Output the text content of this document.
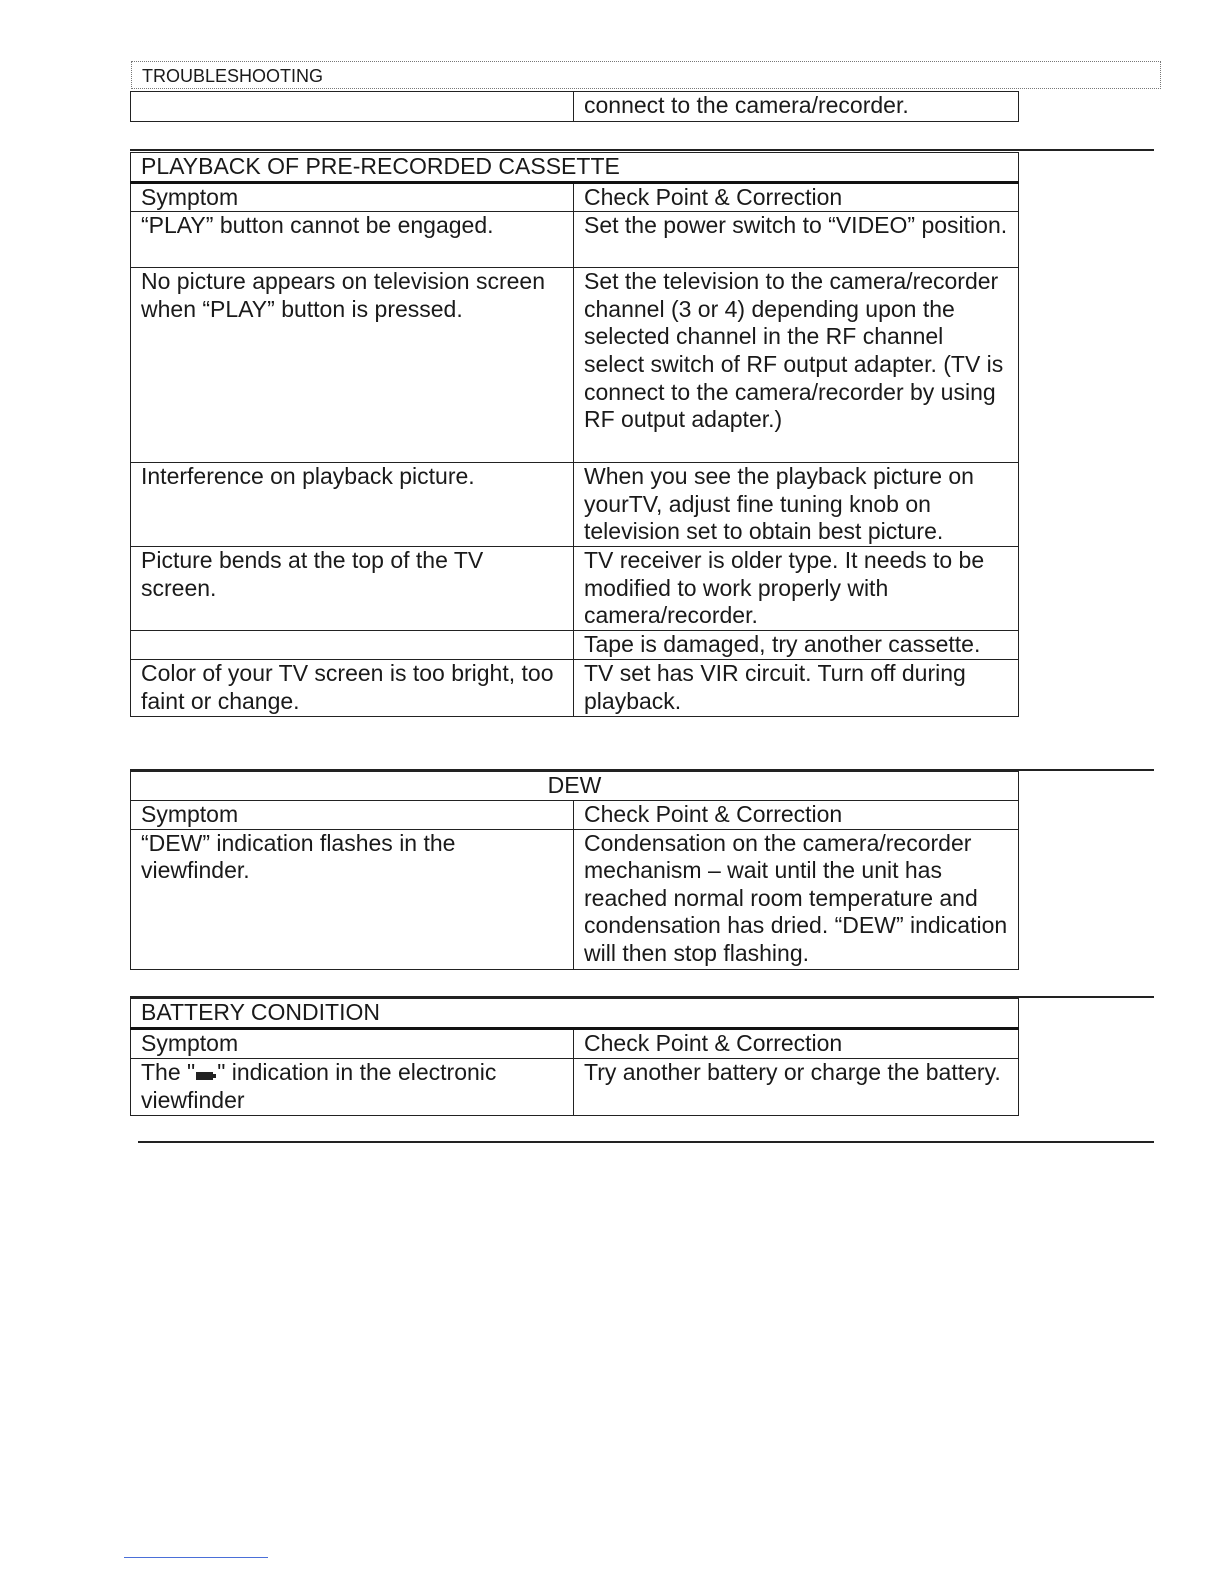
TROUBLESHOOTING
	connect to the camera/recorder.
PLAYBACK OF PRE-RECORDED CASSETTE	
Symptom	Check Point & Correction
“PLAY” button cannot be engaged.	Set the power switch to “VIDEO” position.
No picture appears on television screen when “PLAY” button is pressed.	Set the television to the camera/recorder channel (3 or 4) depending upon the selected channel in the RF channel select switch of RF output adapter. (TV is connect to the camera/recorder by using RF output adapter.)
Interference on playback picture.	When you see the playback picture on yourTV, adjust fine tuning knob on television set to obtain best picture.
Picture bends at the top of the TV screen.	TV receiver is older type. It needs to be modified to work properly with camera/recorder.
	Tape is damaged, try another cassette.
Color of your TV screen is too bright, too faint or change.	TV set has VIR circuit. Turn off during playback.
DEW	
Symptom	Check Point & Correction
“DEW” indication flashes in the viewfinder.	Condensation on the camera/recorder mechanism – wait until the unit has reached normal room temperature and condensation has dried. “DEW” indication will then stop flashing.
BATTERY CONDITION	
Symptom	Check Point & Correction
The " " indication in the electronic viewfinder	Try another battery or charge the battery.
